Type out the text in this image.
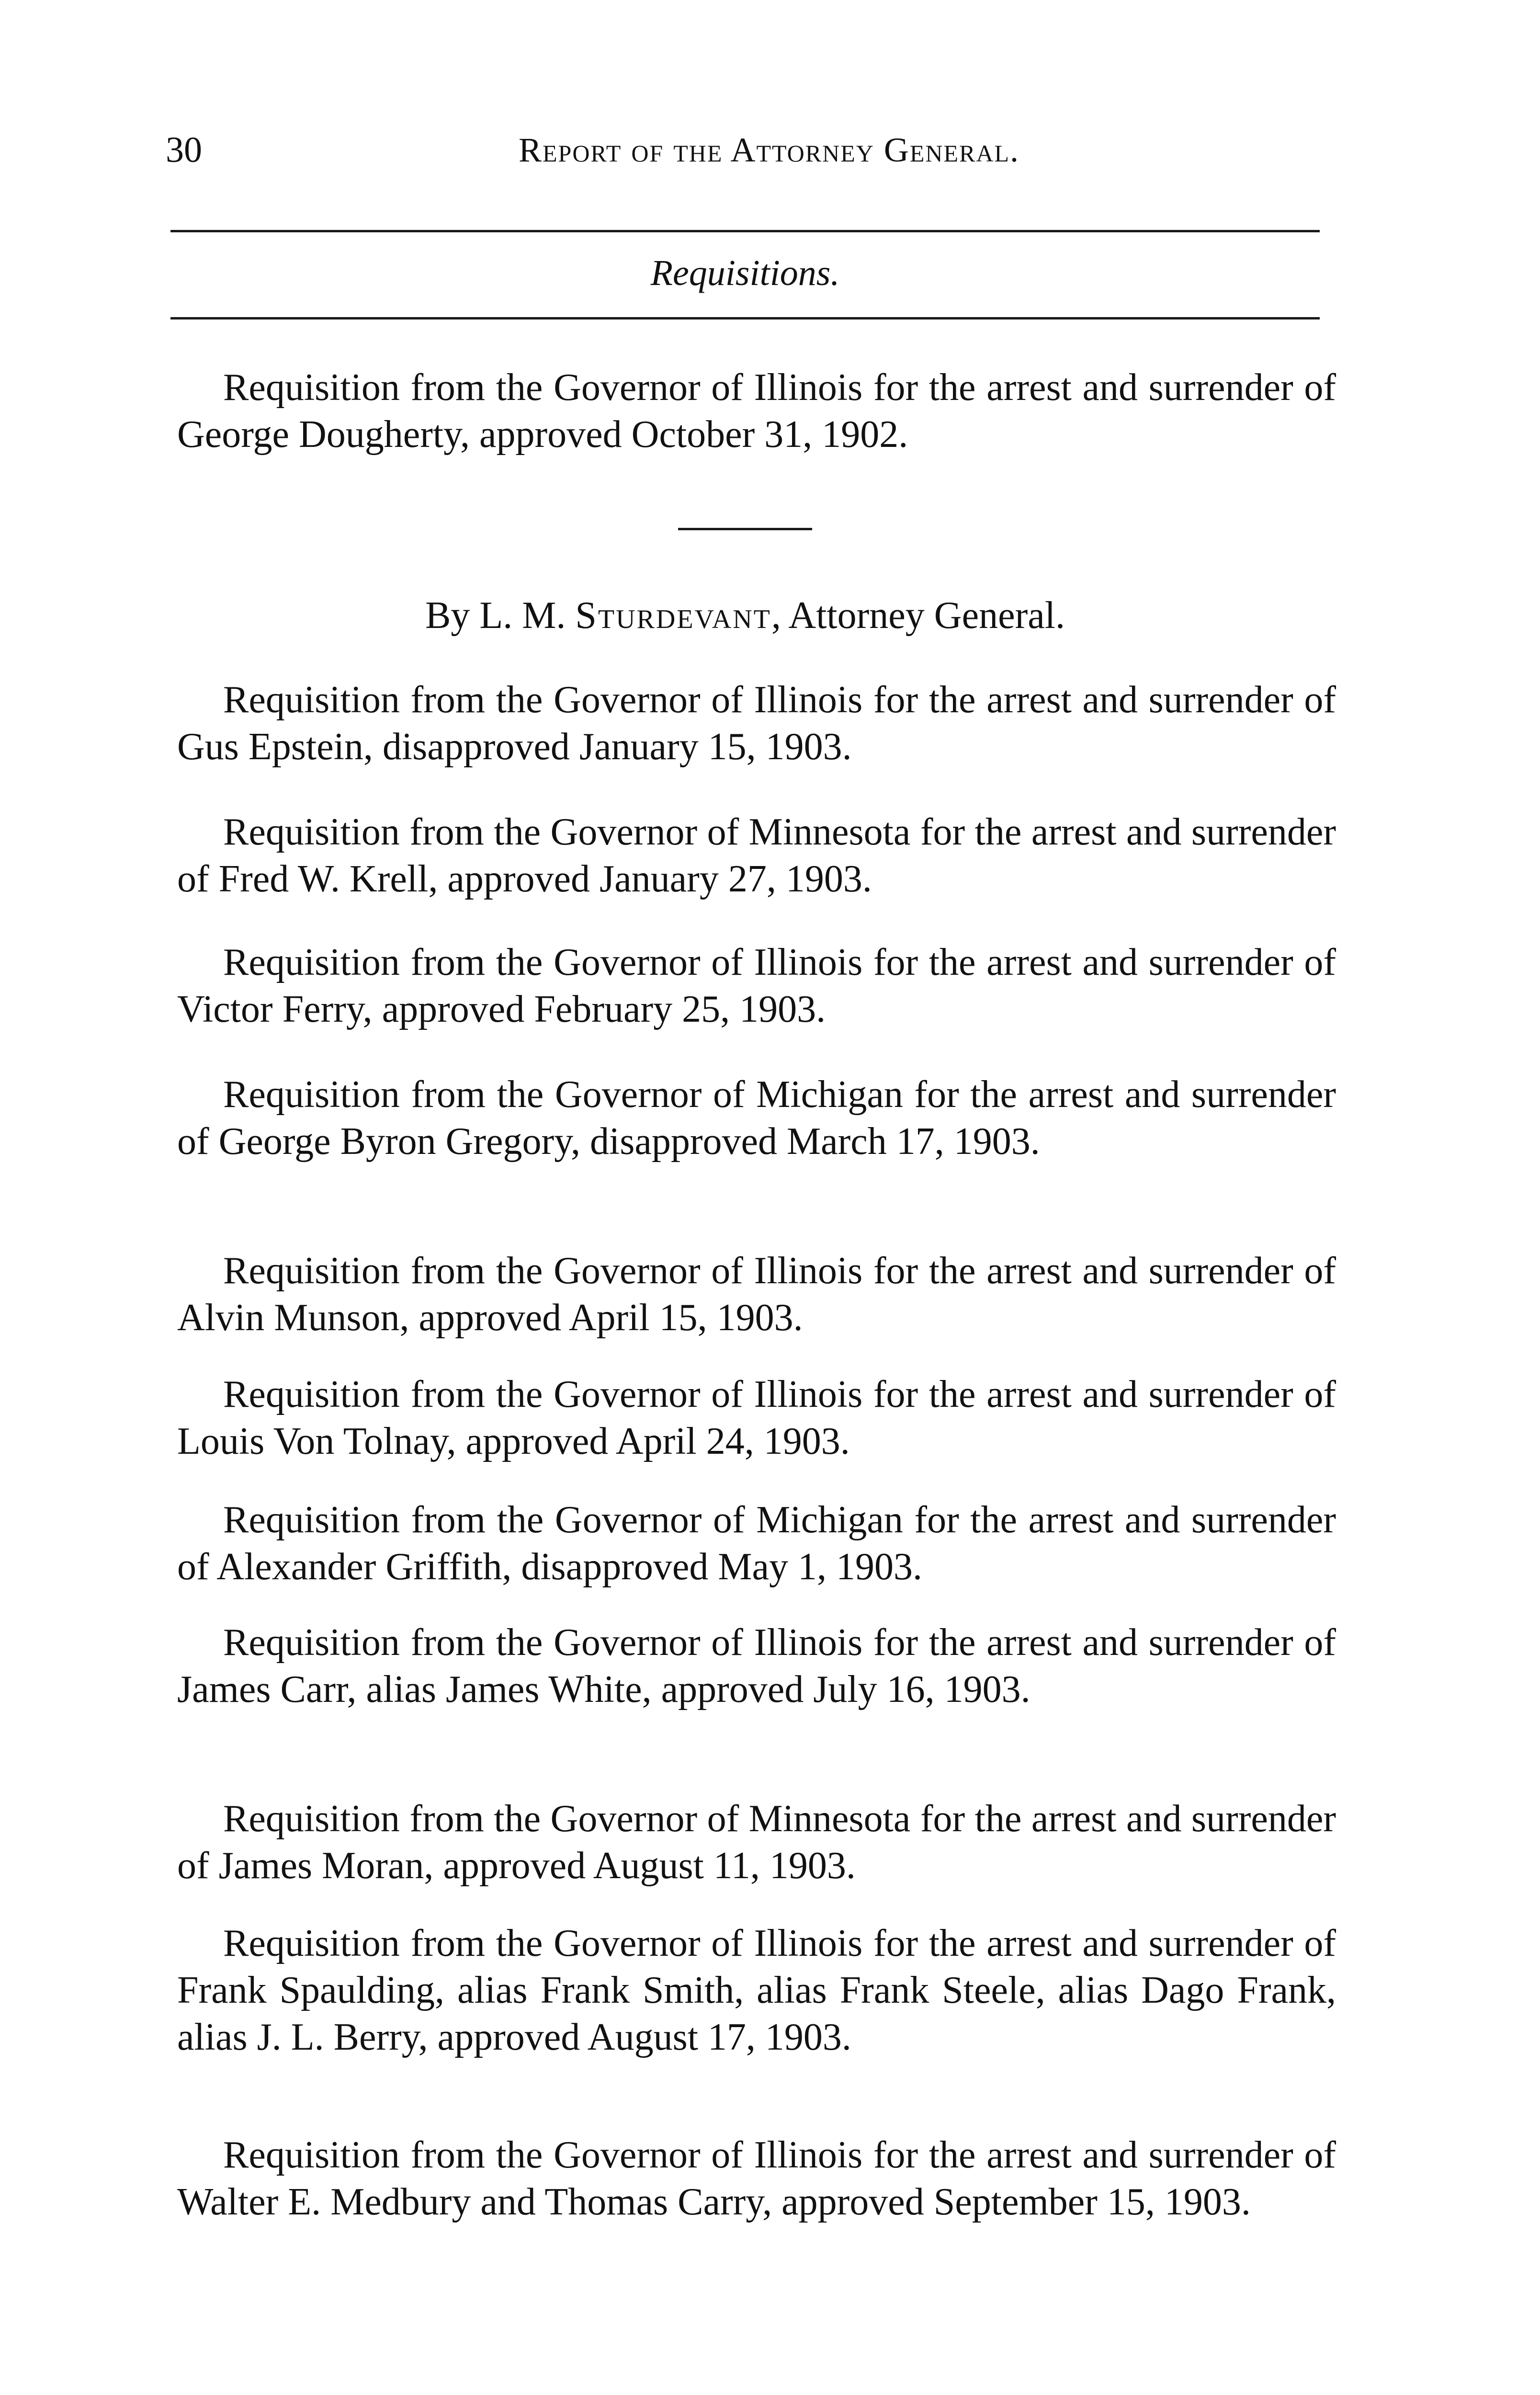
30	Report of the Attorney General.
Requisitions.

Requisition from the Governor of Illinois for the arrest and surrender of George Dougherty, approved October 31, 1902.

By L. M. Sturdevant, Attorney General.

Requisition from the Governor of Illinois for the arrest and surrender of Gus Epstein, disapproved January 15, 1903.

Requisition from the Governor of Minnesota for the arrest and surrender of Fred W. Krell, approved January 27, 1903.

Requisition from the Governor of Illinois for the arrest and surrender of Victor Ferry, approved February 25, 1903.

Requisition from the Governor of Michigan for the arrest and surrender of George Byron Gregory, disapproved March 17, 1903.

Requisition from the Governor of Illinois for the arrest and surrender of Alvin Munson, approved April 15, 1903.

Requisition from the Governor of Illinois for the arrest and surrender of Louis Von Tolnay, approved April 24, 1903.

Requisition from the Governor of Michigan for the arrest and surrender of Alexander Griffith, disapproved May 1, 1903.

Requisition from the Governor of Illinois for the arrest and surrender of James Carr, alias James White, approved July 16, 1903.

Requisition from the Governor of Minnesota for the arrest and surrender of James Moran, approved August 11, 1903.

Requisition from the Governor of Illinois for the arrest and surrender of Frank Spaulding, alias Frank Smith, alias Frank Steele, alias Dago Frank, alias J. L. Berry, approved August 17, 1903.

Requisition from the Governor of Illinois for the arrest and surrender of Walter E. Medbury and Thomas Carry, approved September 15, 1903.
